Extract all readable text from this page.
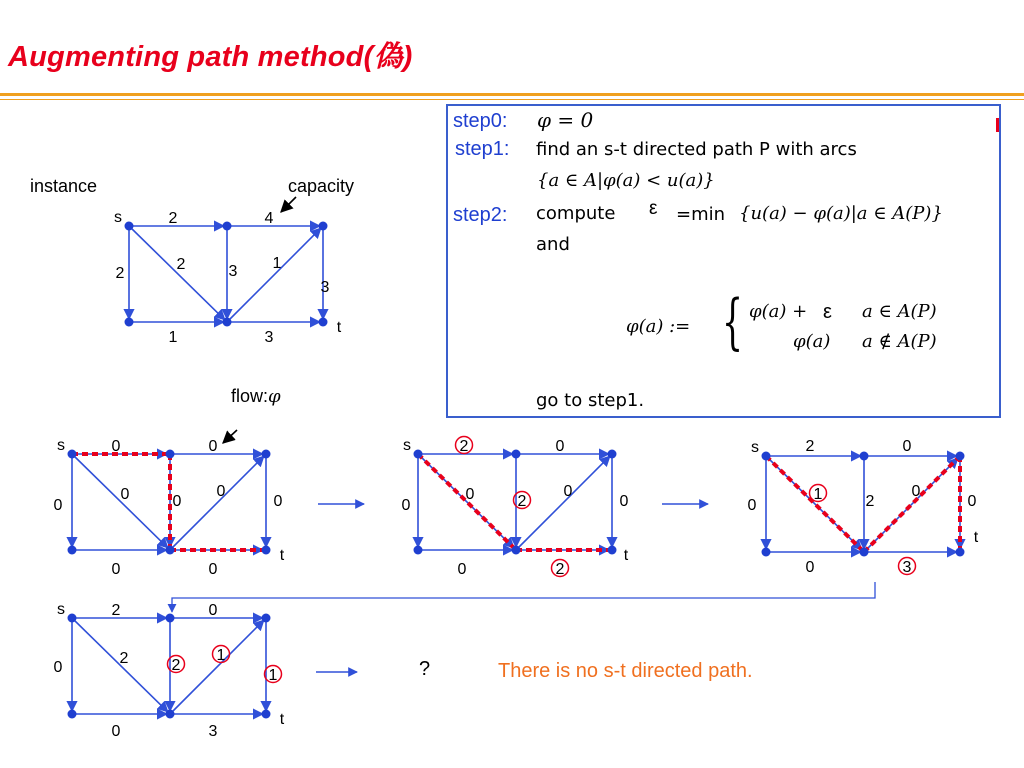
Augmenting path method(偽)
step0: φ = 0
step1: find an s-t directed path P with arcs
{a ∈ A|φ(a) < u(a)}
step2: compute ε =min {u(a) − φ(a)|a ∈ A(P)}
and
φ(a) := { φ(a) + ε a ∈ A(P)
φ(a) a ∉ A(P)
go to step1.
instance	capacity
flow:φ
?	There is no s-t directed path.
s
t
2	4
2
2	3 1
3
1	3
s
t
0	0
0
0	0
0
0
0	0
s
t
2	0
0
0	2
0
0
0	2
s
t
2	0
0
1	2
0
0
0	3
s
t
2	0
0
2	2
1
1
0	3
